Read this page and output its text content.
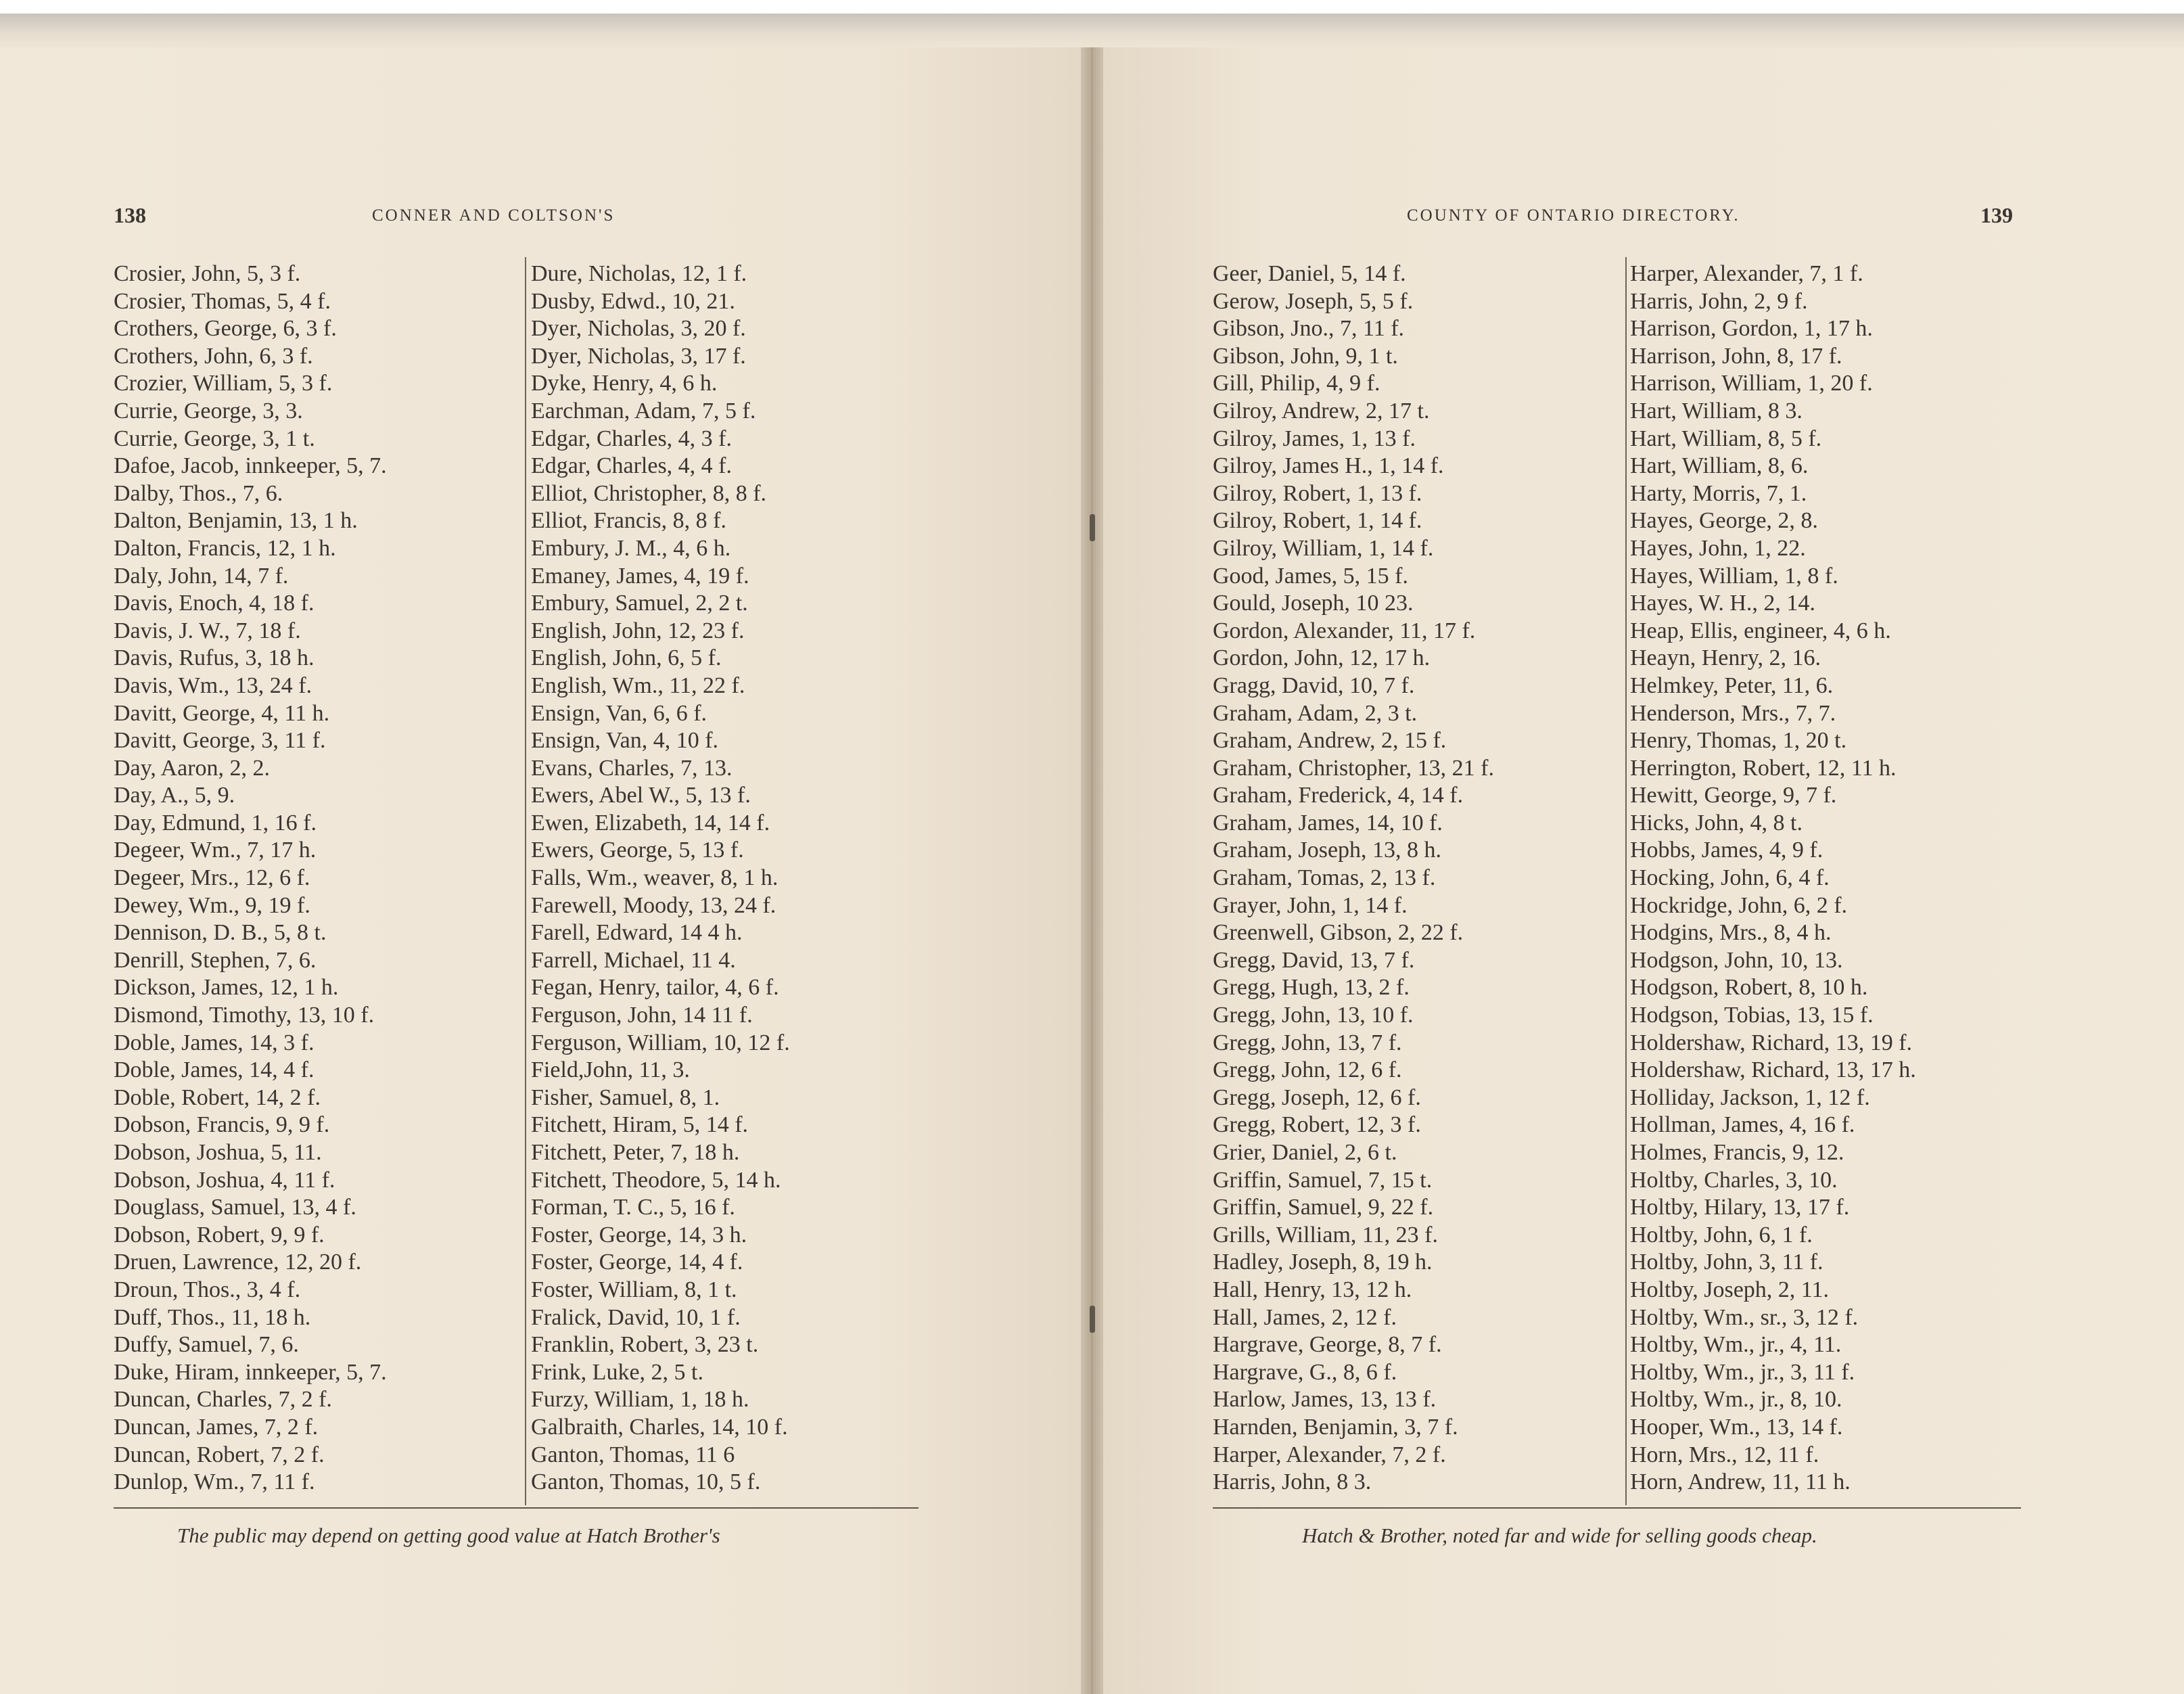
138	CONNER AND COLTSON'S	COUNTY OF ONTARIO DIRECTORY.	139
Crosier, John, 5, 3 f.
Crosier, Thomas, 5, 4 f.
Crothers, George, 6, 3 f.
Crothers, John, 6, 3 f.
Crozier, William, 5, 3 f.
Currie, George, 3, 3.
Currie, George, 3, 1 t.
Dafoe, Jacob, innkeeper, 5, 7.
Dalby, Thos., 7, 6.
Dalton, Benjamin, 13, 1 h.
Dalton, Francis, 12, 1 h.
Daly, John, 14, 7 f.
Davis, Enoch, 4, 18 f.
Davis, J. W., 7, 18 f.
Davis, Rufus, 3, 18 h.
Davis, Wm., 13, 24 f.
Davitt, George, 4, 11 h.
Davitt, George, 3, 11 f.
Day, Aaron, 2, 2.
Day, A., 5, 9.
Day, Edmund, 1, 16 f.
Degeer, Wm., 7, 17 h.
Degeer, Mrs., 12, 6 f.
Dewey, Wm., 9, 19 f.
Dennison, D. B., 5, 8 t.
Denrill, Stephen, 7, 6.
Dickson, James, 12, 1 h.
Dismond, Timothy, 13, 10 f.
Doble, James, 14, 3 f.
Doble, James, 14, 4 f.
Doble, Robert, 14, 2 f.
Dobson, Francis, 9, 9 f.
Dobson, Joshua, 5, 11.
Dobson, Joshua, 4, 11 f.
Douglass, Samuel, 13, 4 f.
Dobson, Robert, 9, 9 f.
Druen, Lawrence, 12, 20 f.
Droun, Thos., 3, 4 f.
Duff, Thos., 11, 18 h.
Duffy, Samuel, 7, 6.
Duke, Hiram, innkeeper, 5, 7.
Duncan, Charles, 7, 2 f.
Duncan, James, 7, 2 f.
Duncan, Robert, 7, 2 f.
Dunlop, Wm., 7, 11 f.
Dure, Nicholas, 12, 1 f.
Dusby, Edwd., 10, 21.
Dyer, Nicholas, 3, 20 f.
Dyer, Nicholas, 3, 17 f.
Dyke, Henry, 4, 6 h.
Earchman, Adam, 7, 5 f.
Edgar, Charles, 4, 3 f.
Edgar, Charles, 4, 4 f.
Elliot, Christopher, 8, 8 f.
Elliot, Francis, 8, 8 f.
Embury, J. M., 4, 6 h.
Emaney, James, 4, 19 f.
Embury, Samuel, 2, 2 t.
English, John, 12, 23 f.
English, John, 6, 5 f.
English, Wm., 11, 22 f.
Ensign, Van, 6, 6 f.
Ensign, Van, 4, 10 f.
Evans, Charles, 7, 13.
Ewers, Abel W., 5, 13 f.
Ewen, Elizabeth, 14, 14 f.
Ewers, George, 5, 13 f.
Falls, Wm., weaver, 8, 1 h.
Farewell, Moody, 13, 24 f.
Farell, Edward, 14 4 h.
Farrell, Michael, 11 4.
Fegan, Henry, tailor, 4, 6 f.
Ferguson, John, 14 11 f.
Ferguson, William, 10, 12 f.
Field,John, 11, 3.
Fisher, Samuel, 8, 1.
Fitchett, Hiram, 5, 14 f.
Fitchett, Peter, 7, 18 h.
Fitchett, Theodore, 5, 14 h.
Forman, T. C., 5, 16 f.
Foster, George, 14, 3 h.
Foster, George, 14, 4 f.
Foster, William, 8, 1 t.
Fralick, David, 10, 1 f.
Franklin, Robert, 3, 23 t.
Frink, Luke, 2, 5 t.
Furzy, William, 1, 18 h.
Galbraith, Charles, 14, 10 f.
Ganton, Thomas, 11 6
Ganton, Thomas, 10, 5 f.
Geer, Daniel, 5, 14 f.
Gerow, Joseph, 5, 5 f.
Gibson, Jno., 7, 11 f.
Gibson, John, 9, 1 t.
Gill, Philip, 4, 9 f.
Gilroy, Andrew, 2, 17 t.
Gilroy, James, 1, 13 f.
Gilroy, James H., 1, 14 f.
Gilroy, Robert, 1, 13 f.
Gilroy, Robert, 1, 14 f.
Gilroy, William, 1, 14 f.
Good, James, 5, 15 f.
Gould, Joseph, 10 23.
Gordon, Alexander, 11, 17 f.
Gordon, John, 12, 17 h.
Gragg, David, 10, 7 f.
Graham, Adam, 2, 3 t.
Graham, Andrew, 2, 15 f.
Graham, Christopher, 13, 21 f.
Graham, Frederick, 4, 14 f.
Graham, James, 14, 10 f.
Graham, Joseph, 13, 8 h.
Graham, Tomas, 2, 13 f.
Grayer, John, 1, 14 f.
Greenwell, Gibson, 2, 22 f.
Gregg, David, 13, 7 f.
Gregg, Hugh, 13, 2 f.
Gregg, John, 13, 10 f.
Gregg, John, 13, 7 f.
Gregg, John, 12, 6 f.
Gregg, Joseph, 12, 6 f.
Gregg, Robert, 12, 3 f.
Grier, Daniel, 2, 6 t.
Griffin, Samuel, 7, 15 t.
Griffin, Samuel, 9, 22 f.
Grills, William, 11, 23 f.
Hadley, Joseph, 8, 19 h.
Hall, Henry, 13, 12 h.
Hall, James, 2, 12 f.
Hargrave, George, 8, 7 f.
Hargrave, G., 8, 6 f.
Harlow, James, 13, 13 f.
Harnden, Benjamin, 3, 7 f.
Harper, Alexander, 7, 2 f.
Harris, John, 8 3.
Harper, Alexander, 7, 1 f.
Harris, John, 2, 9 f.
Harrison, Gordon, 1, 17 h.
Harrison, John, 8, 17 f.
Harrison, William, 1, 20 f.
Hart, William, 8 3.
Hart, William, 8, 5 f.
Hart, William, 8, 6.
Harty, Morris, 7, 1.
Hayes, George, 2, 8.
Hayes, John, 1, 22.
Hayes, William, 1, 8 f.
Hayes, W. H., 2, 14.
Heap, Ellis, engineer, 4, 6 h.
Heayn, Henry, 2, 16.
Helmkey, Peter, 11, 6.
Henderson, Mrs., 7, 7.
Henry, Thomas, 1, 20 t.
Herrington, Robert, 12, 11 h.
Hewitt, George, 9, 7 f.
Hicks, John, 4, 8 t.
Hobbs, James, 4, 9 f.
Hocking, John, 6, 4 f.
Hockridge, John, 6, 2 f.
Hodgins, Mrs., 8, 4 h.
Hodgson, John, 10, 13.
Hodgson, Robert, 8, 10 h.
Hodgson, Tobias, 13, 15 f.
Holdershaw, Richard, 13, 19 f.
Holdershaw, Richard, 13, 17 h.
Holliday, Jackson, 1, 12 f.
Hollman, James, 4, 16 f.
Holmes, Francis, 9, 12.
Holtby, Charles, 3, 10.
Holtby, Hilary, 13, 17 f.
Holtby, John, 6, 1 f.
Holtby, John, 3, 11 f.
Holtby, Joseph, 2, 11.
Holtby, Wm., sr., 3, 12 f.
Holtby, Wm., jr., 4, 11.
Holtby, Wm., jr., 3, 11 f.
Holtby, Wm., jr., 8, 10.
Hooper, Wm., 13, 14 f.
Horn, Mrs., 12, 11 f.
Horn, Andrew, 11, 11 h.
The public may depend on getting good value at Hatch Brother's	Hatch & Brother, noted far and wide for selling goods cheap.
